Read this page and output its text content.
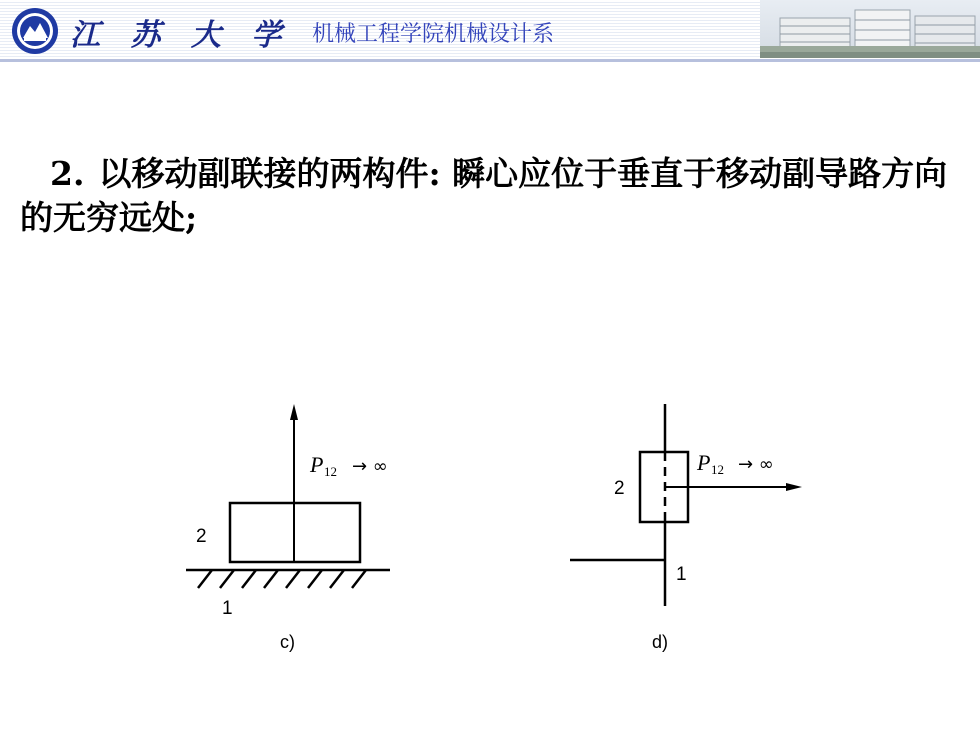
江 苏 大 学 机械工程学院机械设计系
2. 以移动副联接的两构件: 瞬心应位于垂直于移动副导路方向的无穷远处;
P 12 → ∞
2
1
c)
P 12 → ∞
2
1
d)
